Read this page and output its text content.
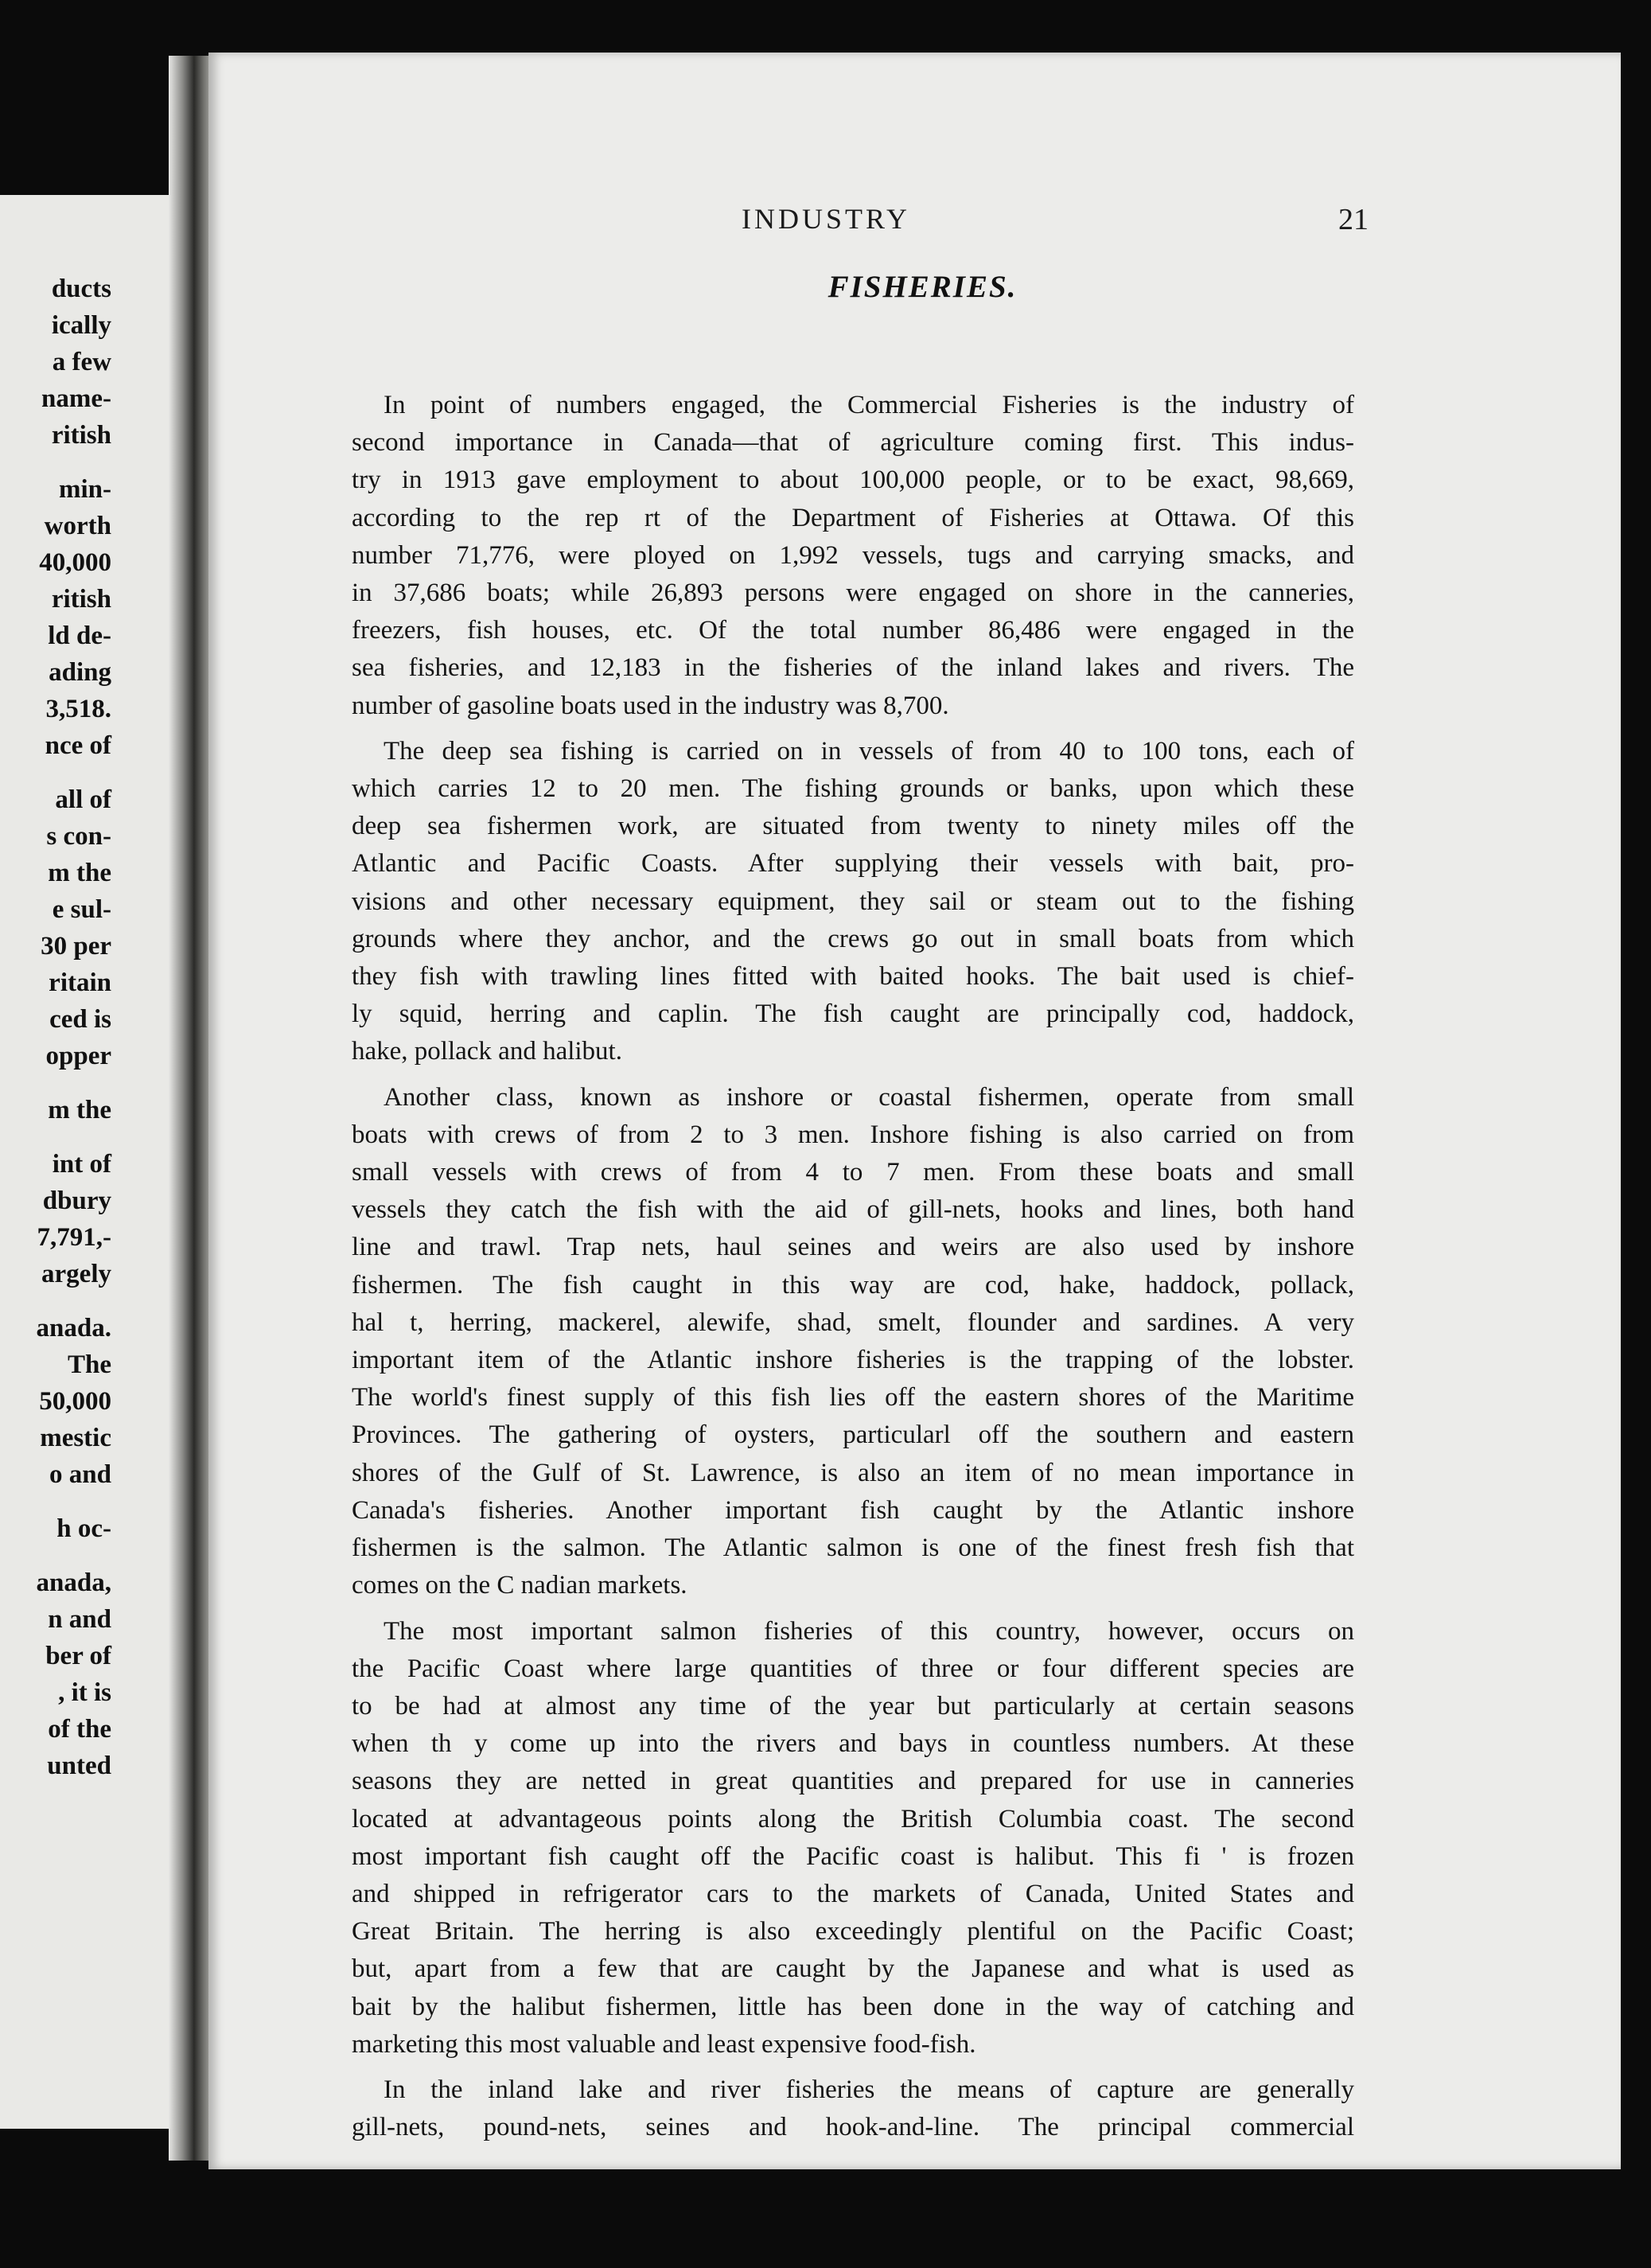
ducts
ically
a few
name-
ritish
min-
worth
40,000
ritish
ld de-
ading
3,518.
nce of
all of
s con-
m the
e sul-
30 per
ritain
ced is
opper
m the
int of
dbury
7,791,-
argely
anada.
The
50,000
mestic
o and
h oc-
anada,
n and
ber of
, it is
of the
unted
INDUSTRY	21
FISHERIES.
In point of numbers engaged, the Commercial Fisheries is the industry of
second importance in Canada—that of agriculture coming first. This indus-
try in 1913 gave employment to about 100,000 people, or to be exact, 98,669,
according to the rep rt of the Department of Fisheries at Ottawa. Of this
number 71,776, were ployed on 1,992 vessels, tugs and carrying smacks, and
in 37,686 boats; while 26,893 persons were engaged on shore in the canneries,
freezers, fish houses, etc. Of the total number 86,486 were engaged in the
sea fisheries, and 12,183 in the fisheries of the inland lakes and rivers. The
number of gasoline boats used in the industry was 8,700.
The deep sea fishing is carried on in vessels of from 40 to 100 tons, each of
which carries 12 to 20 men. The fishing grounds or banks, upon which these
deep sea fishermen work, are situated from twenty to ninety miles off the
Atlantic and Pacific Coasts. After supplying their vessels with bait, pro-
visions and other necessary equipment, they sail or steam out to the fishing
grounds where they anchor, and the crews go out in small boats from which
they fish with trawling lines fitted with baited hooks. The bait used is chief-
ly squid, herring and caplin. The fish caught are principally cod, haddock,
hake, pollack and halibut.
Another class, known as inshore or coastal fishermen, operate from small
boats with crews of from 2 to 3 men. Inshore fishing is also carried on from
small vessels with crews of from 4 to 7 men. From these boats and small
vessels they catch the fish with the aid of gill-nets, hooks and lines, both hand
line and trawl. Trap nets, haul seines and weirs are also used by inshore
fishermen. The fish caught in this way are cod, hake, haddock, pollack,
hal t, herring, mackerel, alewife, shad, smelt, flounder and sardines. A very
important item of the Atlantic inshore fisheries is the trapping of the lobster.
The world's finest supply of this fish lies off the eastern shores of the Maritime
Provinces. The gathering of oysters, particularl off the southern and eastern
shores of the Gulf of St. Lawrence, is also an item of no mean importance in
Canada's fisheries. Another important fish caught by the Atlantic inshore
fishermen is the salmon. The Atlantic salmon is one of the finest fresh fish that
comes on the C nadian markets.
The most important salmon fisheries of this country, however, occurs on
the Pacific Coast where large quantities of three or four different species are
to be had at almost any time of the year but particularly at certain seasons
when th y come up into the rivers and bays in countless numbers. At these
seasons they are netted in great quantities and prepared for use in canneries
located at advantageous points along the British Columbia coast. The second
most important fish caught off the Pacific coast is halibut. This fi ' is frozen
and shipped in refrigerator cars to the markets of Canada, United States and
Great Britain. The herring is also exceedingly plentiful on the Pacific Coast;
but, apart from a few that are caught by the Japanese and what is used as
bait by the halibut fishermen, little has been done in the way of catching and
marketing this most valuable and least expensive food-fish.
In the inland lake and river fisheries the means of capture are generally
gill-nets, pound-nets, seines and hook-and-line. The principal commercial
